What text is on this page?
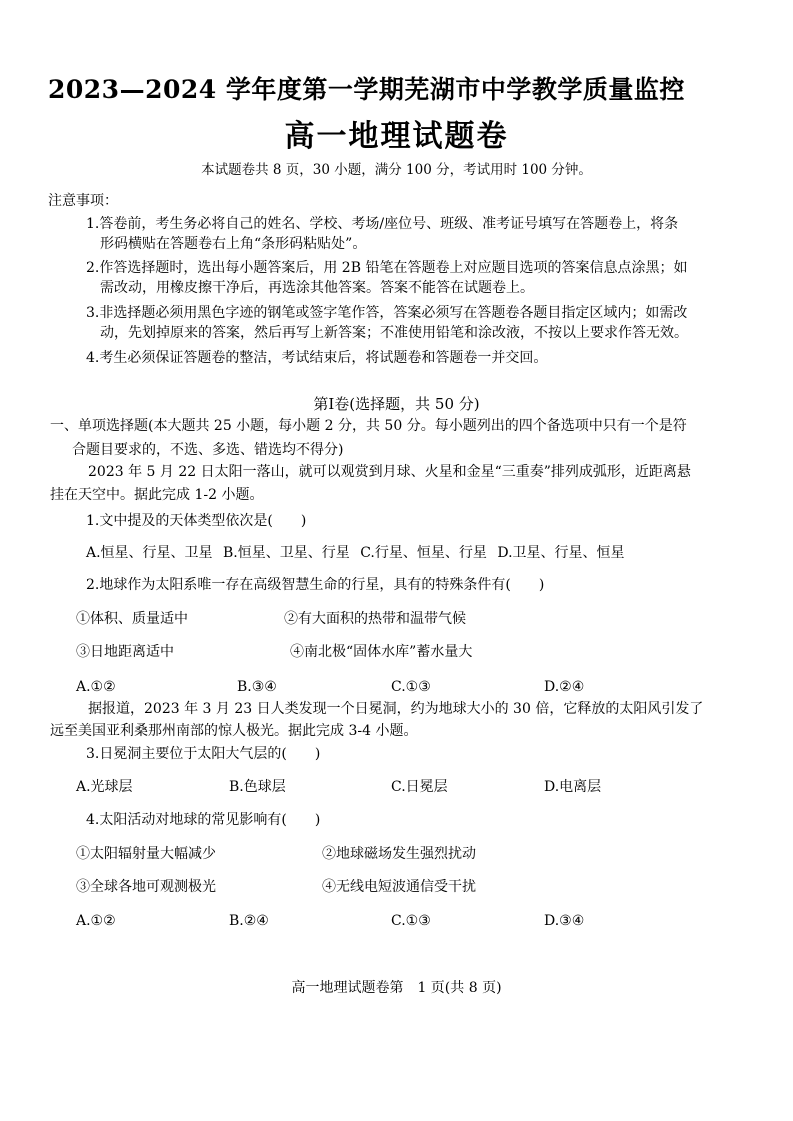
2023—2024 学年度第一学期芜湖市中学教学质量监控
高一地理试题卷
本试题卷共 8 页，30 小题，满分 100 分，考试用时 100 分钟。
注意事项：
1.答卷前，考生务必将自己的姓名、学校、考场/座位号、班级、准考证号填写在答题卷上，将条
形码横贴在答题卷右上角“条形码粘贴处”。
2.作答选择题时，选出每小题答案后，用 2B 铅笔在答题卷上对应题目选项的答案信息点涂黑；如
需改动，用橡皮擦干净后，再选涂其他答案。答案不能答在试题卷上。
3.非选择题必须用黑色字迹的钢笔或签字笔作答，答案必须写在答题卷各题目指定区域内；如需改
动，先划掉原来的答案，然后再写上新答案；不准使用铅笔和涂改液，不按以上要求作答无效。
4.考生必须保证答题卷的整洁，考试结束后，将试题卷和答题卷一并交回。
第Ⅰ卷(选择题，共 50 分)
一、单项选择题(本大题共 25 小题，每小题 2 分，共 50 分。每小题列出的四个备选项中只有一个是符
合题目要求的，不选、多选、错选均不得分)
2023 年 5 月 22 日太阳一落山，就可以观赏到月球、火星和金星“三重奏”排列成弧形，近距离悬
挂在天空中。据此完成 1-2 小题。
1.文中提及的天体类型依次是(　　)
A.恒星、行星、卫星 B.恒星、卫星、行星 C.行星、恒星、行星 D.卫星、行星、恒星
2.地球作为太阳系唯一存在高级智慧生命的行星，具有的特殊条件有(　　)
①体积、质量适中	②有大面积的热带和温带气候
③日地距离适中	④南北极“固体水库”蓄水量大
A.①②	B.③④	C.①③	D.②④
据报道，2023 年 3 月 23 日人类发现一个日冕洞，约为地球大小的 30 倍，它释放的太阳风引发了
远至美国亚利桑那州南部的惊人极光。据此完成 3-4 小题。
3.日冕洞主要位于太阳大气层的(　　)
A.光球层	B.色球层	C.日冕层	D.电离层
4.太阳活动对地球的常见影响有(　　)
①太阳辐射量大幅减少	②地球磁场发生强烈扰动
③全球各地可观测极光	④无线电短波通信受干扰
A.①②	B.②④	C.①③	D.③④
高一地理试题卷第　1 页(共 8 页)
